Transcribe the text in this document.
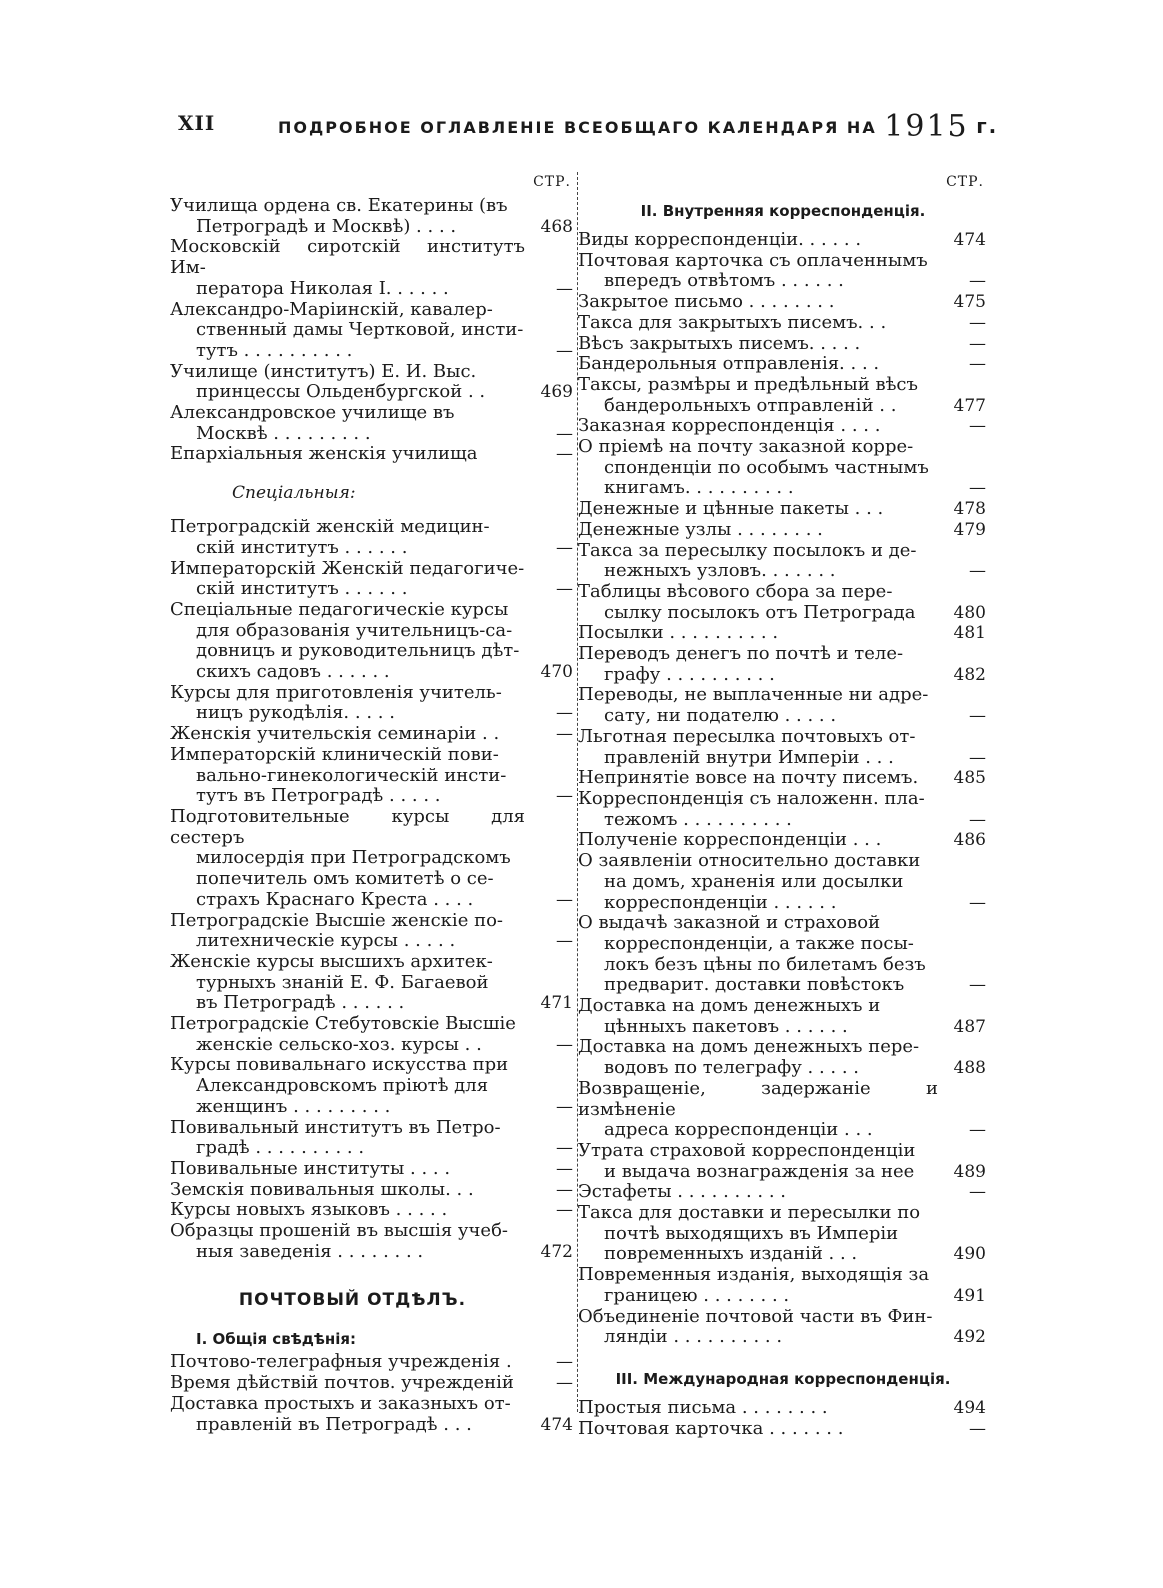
XII	ПОДРОБНОЕ ОГЛАВЛЕНІЕ ВСЕОБЩАГО КАЛЕНДАРЯ НА 1915 г.
СТР.
Училища ордена св. Екатерины (въ
Петроградѣ и Москвѣ) . . . .	468
Московскій сиротскій институтъ Им-
ператора Николая I. . . . . .	—
Александро-Маріинскій, кавалер-
ственный дамы Чертковой, инсти-
тутъ . . . . . . . . . .	—
Училище (институтъ) Е. И. Выс.
принцессы Ольденбургской . .	469
Александровское училище въ
Москвѣ . . . . . . . . .	—
Епархіальныя женскія училища	—
Спеціальныя:
Петроградскій женскій медицин-
скій институтъ . . . . . .	—
Императорскій Женскій педагогиче-
скій институтъ . . . . . .	—
Спеціальные педагогическіе курсы
для образованія учительницъ-са-
довницъ и руководительницъ дѣт-
скихъ садовъ . . . . . .	470
Курсы для приготовленія учитель-
ницъ рукодѣлія. . . . .	—
Женскія учительскія семинаріи . .	—
Императорскій клиническій пови-
вально-гинекологическій инсти-
тутъ въ Петроградѣ . . . . .	—
Подготовительные курсы для сестеръ
милосердія при Петроградскомъ
попечитель омъ комитетѣ о се-
страхъ Краснаго Креста . . . .	—
Петроградскіе Высшіе женскіе по-
литехническіе курсы . . . . .	—
Женскіе курсы высшихъ архитек-
турныхъ знаній Е. Ф. Багаевой
въ Петроградѣ . . . . . .	471
Петроградскіе Стебутовскіе Высшіе
женскіе сельско-хоз. курсы . .	—
Курсы повивальнаго искусства при
Александровскомъ пріютѣ для
женщинъ . . . . . . . . .	—
Повивальный институтъ въ Петро-
градѣ . . . . . . . . . .	—
Повивальные институты . . . .	—
Земскія повивальныя школы. . .	—
Курсы новыхъ языковъ . . . . .	—
Образцы прошеній въ высшія учеб-
ныя заведенія . . . . . . . .	472
ПОЧТОВЫЙ ОТДѢЛЪ.
I. Общія свѣдѣнія:
Почтово-телеграфныя учрежденія .	—
Время дѣйствій почтов. учрежденій	—
Доставка простыхъ и заказныхъ от-
правленій въ Петроградѣ . . .	474
СТР.
II. Внутренняя корреспонденція.
Виды корреспонденціи. . . . . .	474
Почтовая карточка съ оплаченнымъ
впередъ отвѣтомъ . . . . . .	—
Закрытое письмо . . . . . . . .	475
Такса для закрытыхъ писемъ. . .	—
Вѣсъ закрытыхъ писемъ. . . . .	—
Бандерольныя отправленія. . . .	—
Таксы, размѣры и предѣльный вѣсъ
бандерольныхъ отправленій . .	477
Заказная корреспонденція . . . .	—
О пріемѣ на почту заказной корре-
спонденціи по особымъ частнымъ
книгамъ. . . . . . . . . .	—
Денежные и цѣнные пакеты . . .	478
Денежные узлы . . . . . . . .	479
Такса за пересылку посылокъ и де-
нежныхъ узловъ. . . . . . .	—
Таблицы вѣсового сбора за пере-
сылку посылокъ отъ Петрограда	480
Посылки . . . . . . . . . .	481
Переводъ денегъ по почтѣ и теле-
графу . . . . . . . . . .	482
Переводы, не выплаченные ни адре-
сату, ни подателю . . . . .	—
Льготная пересылка почтовыхъ от-
правленій внутри Имперіи . . .	—
Непринятіе вовсе на почту писемъ.	485
Корреспонденція съ наложенн. пла-
тежомъ . . . . . . . . . .	—
Полученіе корреспонденціи . . .	486
О заявленіи относительно доставки
на домъ, храненія или досылки
корреспонденціи . . . . . .	—
О выдачѣ заказной и страховой
корреспонденціи, а также посы-
локъ безъ цѣны по билетамъ безъ
предварит. доставки повѣстокъ	—
Доставка на домъ денежныхъ и
цѣнныхъ пакетовъ . . . . . .	487
Доставка на домъ денежныхъ пере-
водовъ по телеграфу . . . . .	488
Возвращеніе, задержаніе и измѣненіе
адреса корреспонденціи . . .	—
Утрата страховой корреспонденціи
и выдача вознагражденія за нее	489
Эстафеты . . . . . . . . . .	—
Такса для доставки и пересылки по
почтѣ выходящихъ въ Имперіи
повременныхъ изданій . . .	490
Повременныя изданія, выходящія за
границею . . . . . . . .	491
Объединеніе почтовой части въ Фин-
ляндіи . . . . . . . . . .	492
III. Международная корреспонденція.
Простыя письма . . . . . . . .	494
Почтовая карточка . . . . . . .	—
